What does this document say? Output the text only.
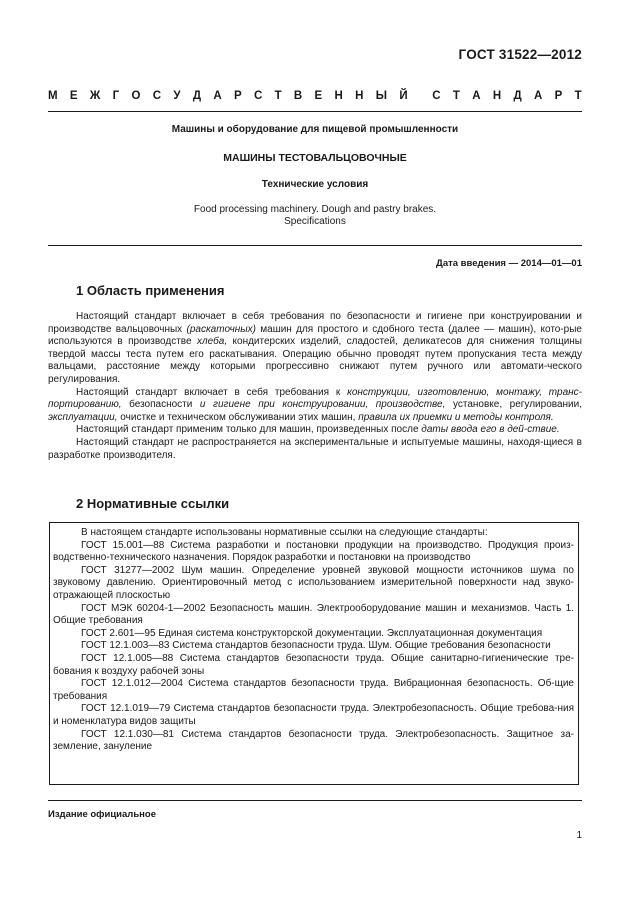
ГОСТ 31522—2012
М Е Ж Г О С У Д А Р С Т В Е Н Н Ы Й С Т А Н Д А Р Т
Машины и оборудование для пищевой промышленности
МАШИНЫ ТЕСТОВАЛЬЦОВОЧНЫЕ
Технические условия
Food processing machinery. Dough and pastry brakes.
Specifications
Дата введения — 2014—01—01
1 Область применения

Настоящий стандарт включает в себя требования по безопасности и гигиене при конструировании и производстве вальцовочных (раскаточных) машин для простого и сдобного теста (далее — машин), кото-рые используются в производстве хлеба, кондитерских изделий, сладостей, деликатесов для снижения толщины твердой массы теста путем его раскатывания. Операцию обычно проводят путем пропускания теста между вальцами, расстояние между которыми прогрессивно снижают путем ручного или автомати-ческого регулирования.

Настоящий стандарт включает в себя требования к конструкции, изготовлению, монтажу, транс-портированию, безопасности и гигиене при конструировании, производстве, установке, регулировании, эксплуатации, очистке и техническом обслуживании этих машин, правила их приемки и методы контроля.

Настоящий стандарт применим только для машин, произведенных после даты ввода его в дей-ствие.

Настоящий стандарт не распространяется на экспериментальные и испытуемые машины, находя-щиеся в разработке производителя.

2 Нормативные ссылки

В настоящем стандарте использованы нормативные ссылки на следующие стандарты:

ГОСТ 15.001—88 Система разработки и постановки продукции на производство. Продукция произ-водственно-технического назначения. Порядок разработки и постановки на производство

ГОСТ 31277—2002 Шум машин. Определение уровней звуковой мощности источников шума по звуковому давлению. Ориентировочный метод с использованием измерительной поверхности над звуко-отражающей плоскостью

ГОСТ МЭК 60204-1—2002 Безопасность машин. Электрооборудование машин и механизмов. Часть 1. Общие требования

ГОСТ 2.601—95 Единая система конструкторской документации. Эксплуатационная документация

ГОСТ 12.1.003—83 Система стандартов безопасности труда. Шум. Общие требования безопасности

ГОСТ 12.1.005—88 Система стандартов безопасности труда. Общие санитарно-гигиенические тре-бования к воздуху рабочей зоны

ГОСТ 12.1.012—2004 Система стандартов безопасности труда. Вибрационная безопасность. Об-щие требования

ГОСТ 12.1.019—79 Система стандартов безопасности труда. Электробезопасность. Общие требова-ния и номенклатура видов защиты

ГОСТ 12.1.030—81 Система стандартов безопасности труда. Электробезопасность. Защитное за-земление, зануление

Издание официальное
1
